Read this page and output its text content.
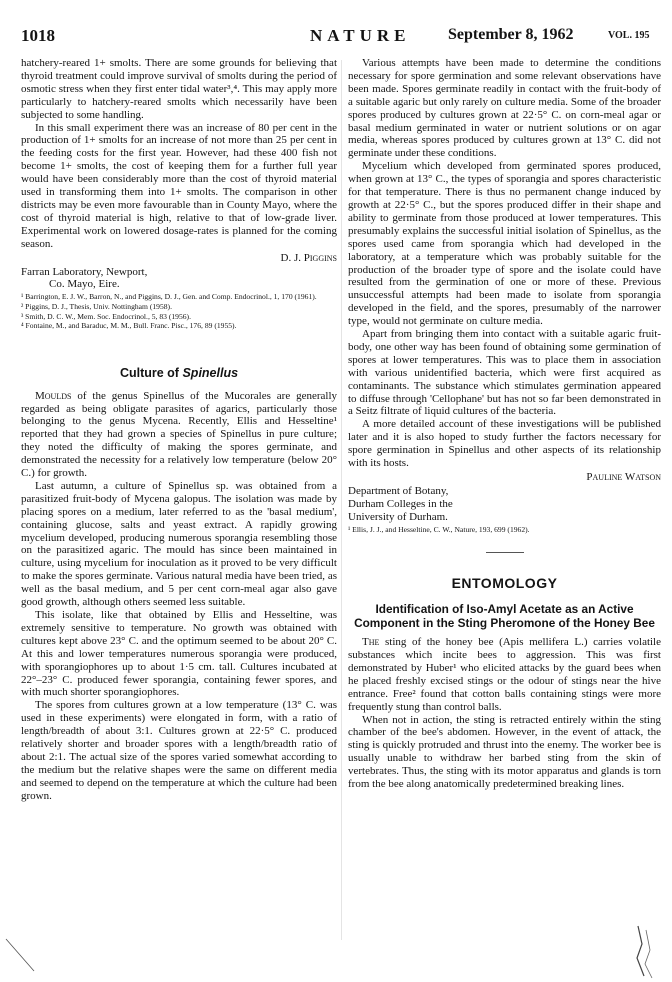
1018	NATURE September 8, 1962	VOL. 195

hatchery-reared 1+ smolts. There are some grounds for believing that thyroid treatment could improve survival of smolts during the period of osmotic stress when they first enter tidal water³,⁴. This may apply more particularly to hatchery-reared smolts which necessarily have been subjected to some handling.

In this small experiment there was an increase of 80 per cent in the production of 1+ smolts for an increase of not more than 25 per cent in the feeding costs for the first year. However, had these 400 fish not become 1+ smolts, the cost of keeping them for a further full year would have been considerably more than the cost of thyroid material used in transforming them into 1+ smolts. The comparison in other districts may be even more favourable than in County Mayo, where the cost of thyroid material is high, relative to that of low-grade liver. Experimental work on lowered dosage-rates is planned for the coming season.

D. J. Piggins
Farran Laboratory, Newport,
Co. Mayo, Eire.
¹ Barrington, E. J. W., Barron, N., and Piggins, D. J., Gen. and Comp. Endocrinol., 1, 170 (1961).
² Piggins, D. J., Thesis, Univ. Nottingham (1958).
³ Smith, D. C. W., Mem. Soc. Endocrinol., 5, 83 (1956).
⁴ Fontaine, M., and Baraduc, M. M., Bull. Franc. Pisc., 176, 89 (1955).
Culture of Spinellus

Moulds of the genus Spinellus of the Mucorales are generally regarded as being obligate parasites of agarics, particularly those belonging to the genus Mycena. Recently, Ellis and Hesseltine¹ reported that they had grown a species of Spinellus in pure culture; they noted the difficulty of making the spores germinate, and demonstrated the necessity for a relatively low temperature (below 20° C.) for growth.

Last autumn, a culture of Spinellus sp. was obtained from a parasitized fruit-body of Mycena galopus. The isolation was made by placing spores on a medium, later referred to as the 'basal medium', containing glucose, salts and yeast extract. A rapidly growing mycelium developed, producing numerous sporangia resembling those on the parasitized agaric. The mould has since been maintained in culture, using mycelium for inoculation as it proved to be very difficult to make the spores germinate. Various natural media have been tried, as well as the basal medium, and 5 per cent corn-meal agar also gave good growth, although others seemed less suitable.

This isolate, like that obtained by Ellis and Hesseltine, was extremely sensitive to temperature. No growth was obtained with cultures kept above 23° C. and the optimum seemed to be about 20° C. At this and lower temperatures numerous sporangia were produced, with sporangiophores up to about 1·5 cm. tall. Cultures incubated at 22°–23° C. produced fewer sporangia, containing fewer spores, and with much shorter sporangiophores.

The spores from cultures grown at a low temperature (13° C. was used in these experiments) were elongated in form, with a ratio of length/breadth of about 3:1. Cultures grown at 22·5° C. produced relatively shorter and broader spores with a length/breadth ratio of about 2:1. The actual size of the spores varied somewhat according to the medium but the relative shapes were the same on different media and seemed to depend on the temperature at which the culture had been grown.

Various attempts have been made to determine the conditions necessary for spore germination and some relevant observations have been made. Spores germinate readily in contact with the fruit-body of a suitable agaric but only rarely on culture media. Some of the broader spores produced by cultures grown at 22·5° C. on corn-meal agar or basal medium germinated in water or nutrient solutions or on agar media, whereas spores produced by cultures grown at 13° C. did not germinate under these conditions.

Mycelium which developed from germinated spores produced, when grown at 13° C., the types of sporangia and spores characteristic for that temperature. There is thus no permanent change induced by growth at 22·5° C., but the spores produced differ in their shape and ability to germinate from those produced at lower temperatures. This presumably explains the successful initial isolation of Spinellus, as the spores used came from sporangia which had developed in the laboratory, at a temperature which was probably suitable for the production of the broader type of spore and the isolate could have resulted from the germination of one or more of these. Previous unsuccessful attempts had been made to isolate from sporangia developed in the field, and the spores, presumably of the narrower type, would not germinate on culture media.

Apart from bringing them into contact with a suitable agaric fruit-body, one other way has been found of obtaining some germination of spores at lower temperatures. This was to place them in association with various unidentified bacteria, which were first acquired as contaminants. The substance which stimulates germination appeared to diffuse through 'Cellophane' but has not so far been demonstrated in a Seitz filtrate of liquid cultures of the bacteria.

A more detailed account of these investigations will be published later and it is also hoped to study further the factors necessary for spore germination in Spinellus and other aspects of its relationship with its hosts.

Pauline Watson
Department of Botany,
Durham Colleges in the
University of Durham.
¹ Ellis, J. J., and Hesseltine, C. W., Nature, 193, 699 (1962).
ENTOMOLOGY
Identification of Iso-Amyl Acetate as an Active Component in the Sting Pheromone of the Honey Bee

The sting of the honey bee (Apis mellifera L.) carries volatile substances which incite bees to aggression. This was first demonstrated by Huber¹ who elicited attacks by the guard bees when he placed freshly excised stings or the odour of stings near the hive entrance. Free² found that cotton balls containing stings were more frequently stung than control balls.

When not in action, the sting is retracted entirely within the sting chamber of the bee's abdomen. However, in the event of attack, the sting is quickly protruded and thrust into the enemy. The worker bee is usually unable to withdraw her barbed sting from the skin of vertebrates. Thus, the sting with its motor apparatus and glands is torn from the bee along anatomically predetermined breaking lines.
